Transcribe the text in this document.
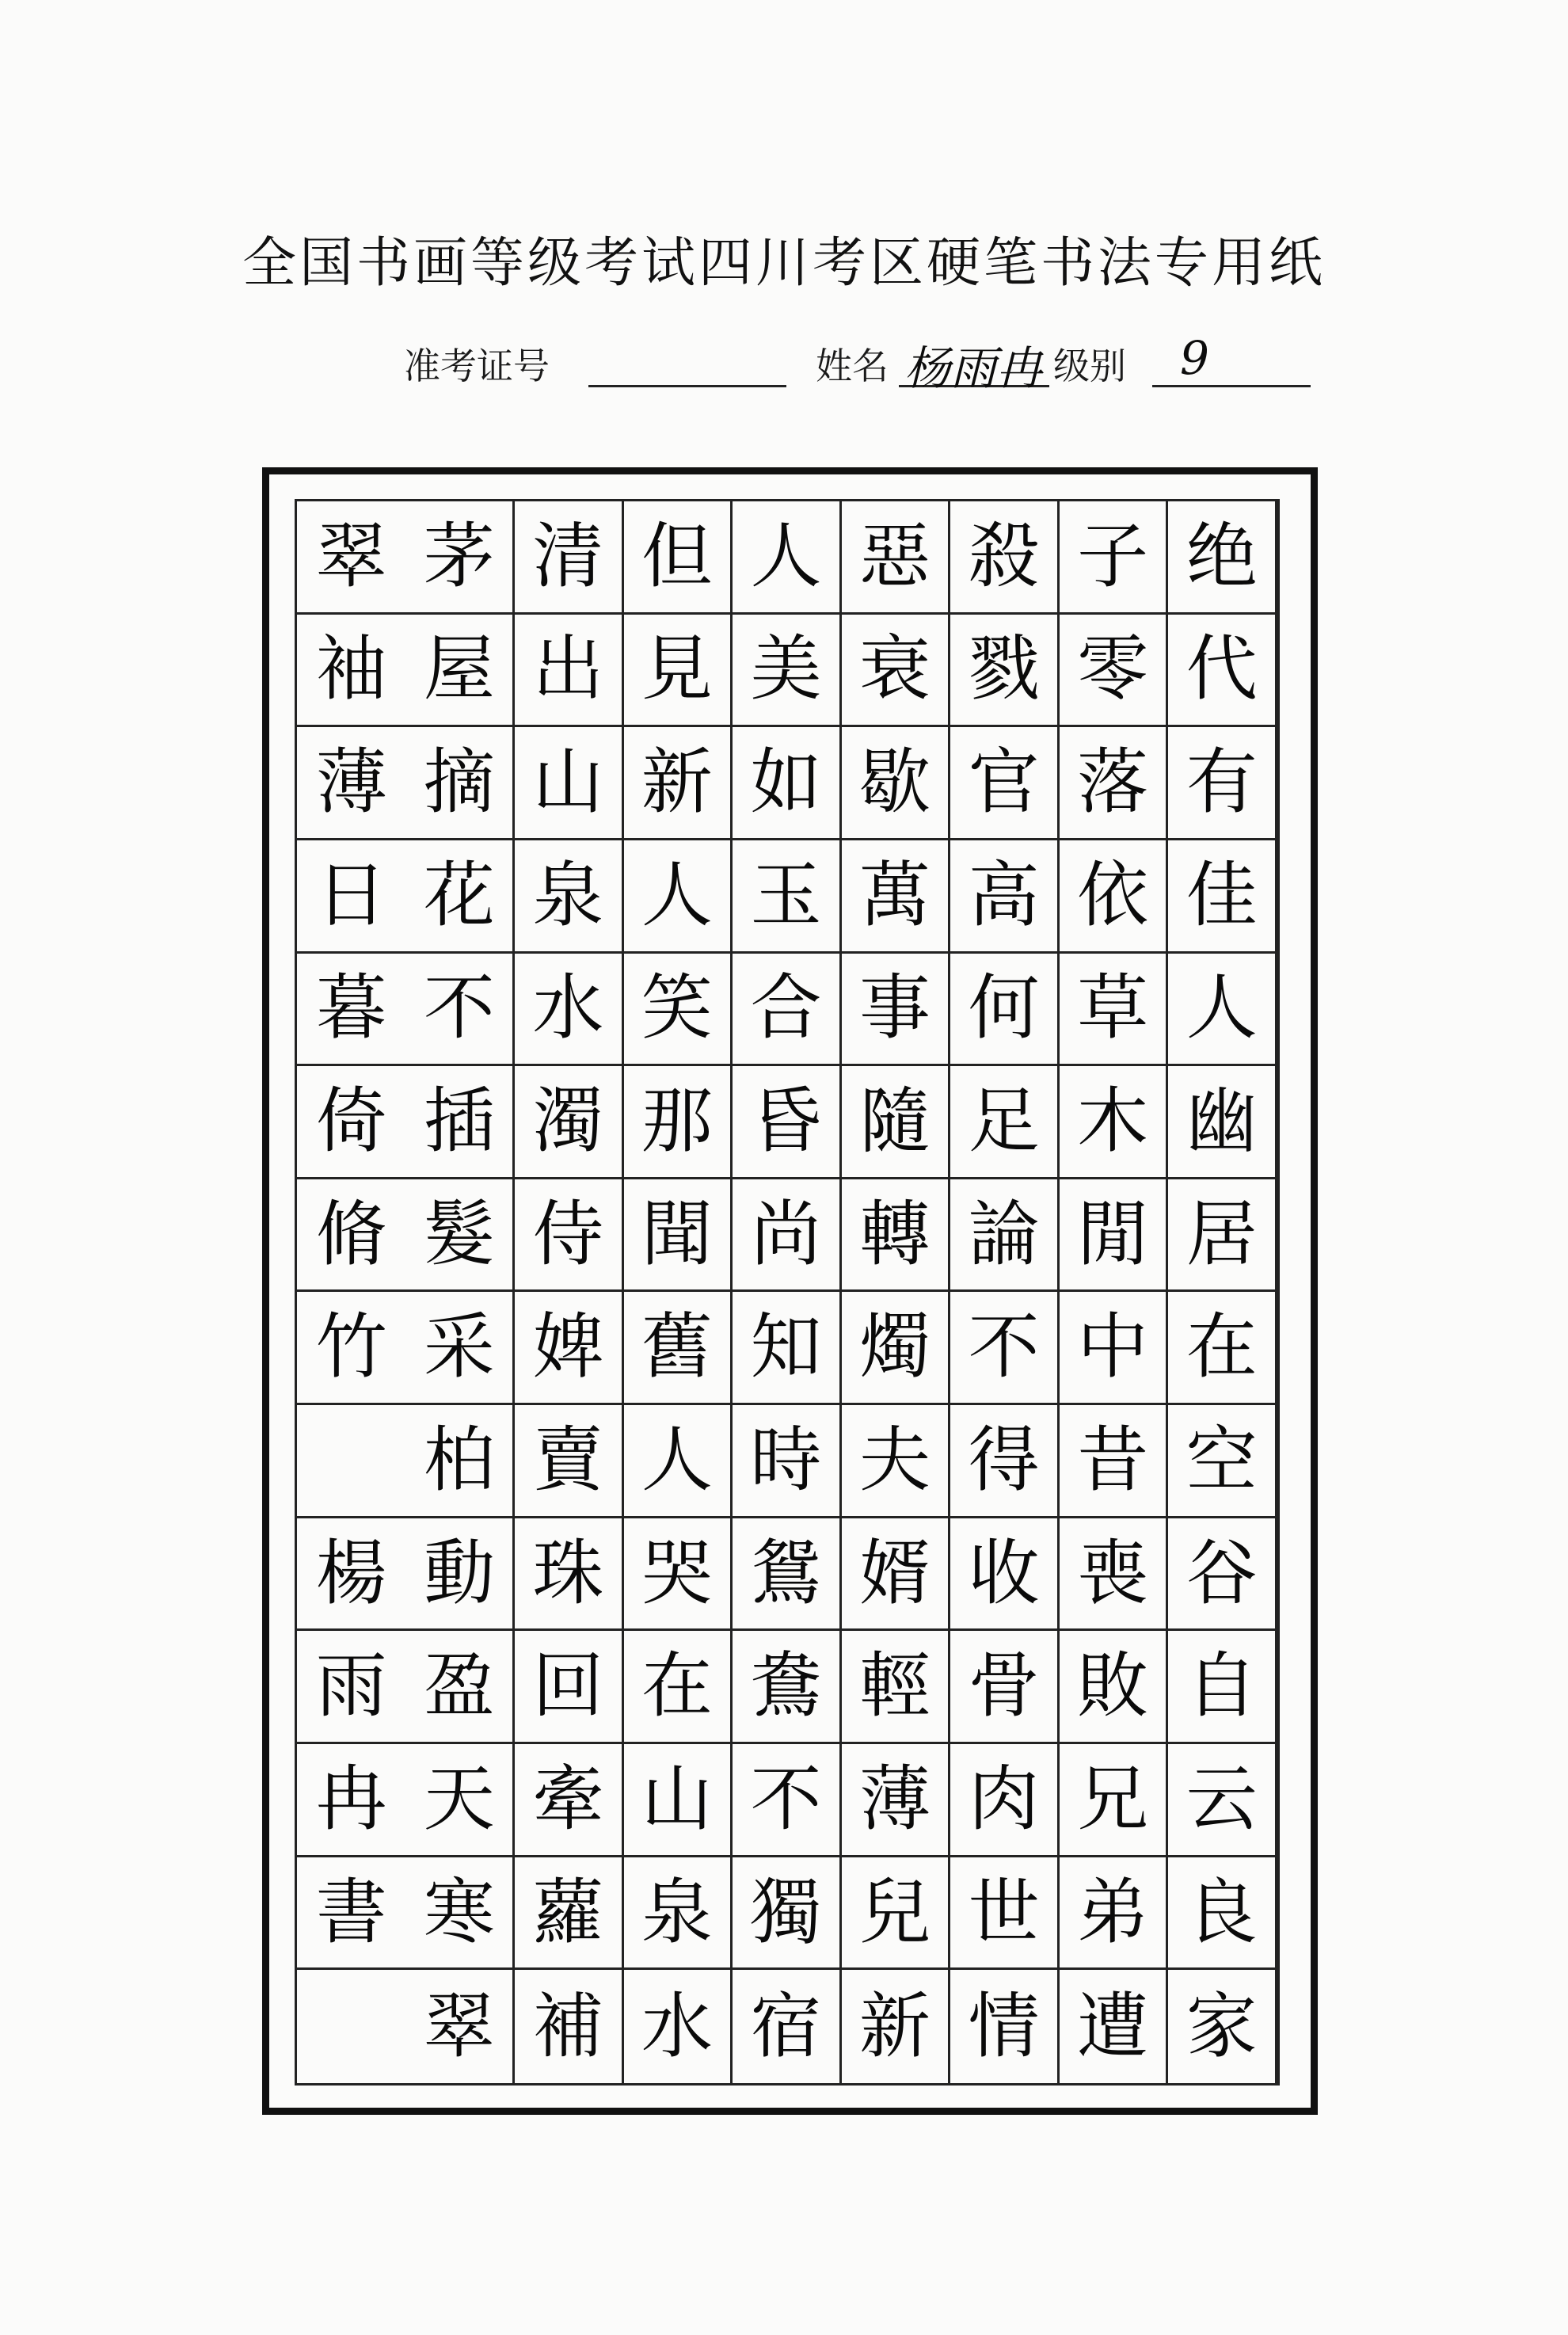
全国书画等级考试四川考区硬笔书法专用纸
准考证号	姓名 杨雨冉 级别 9
绝
代
有
佳
人
幽
居
在
空
谷
自
云
良
家
子
零
落
依
草
木
閒
中
昔
喪
敗
兄
弟
遭
殺
戮
官
高
何
足
論
不
得
收
骨
肉
世
情
惡
衰
歇
萬
事
隨
轉
燭
夫
婿
輕
薄
兒
新
人
美
如
玉
合
昏
尚
知
時
鴛
鴦
不
獨
宿
但
見
新
人
笑
那
聞
舊
人
哭
在
山
泉
水
清
出
山
泉
水
濁
侍
婢
賣
珠
回
牽
蘿
補
茅
屋
摘
花
不
插
髮
采
柏
動
盈
天
寒
翠
翠
袖
薄
日
暮
倚
脩
竹
楊
雨
冉
書
